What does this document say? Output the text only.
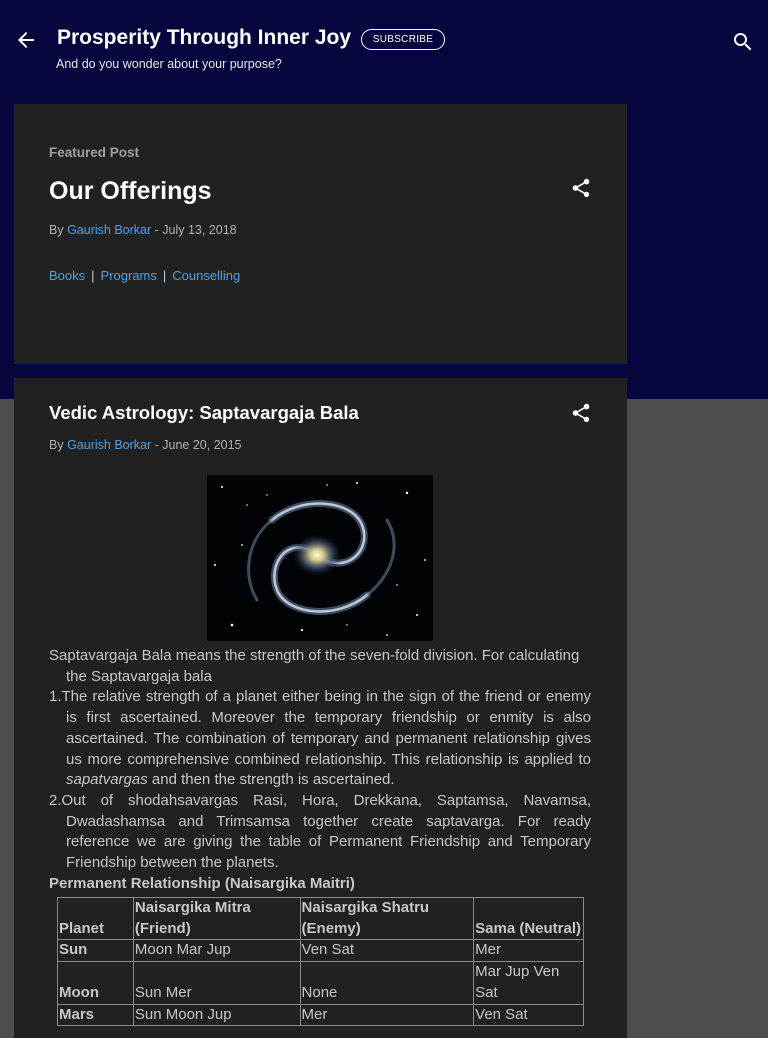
Prosperity Through Inner Joy	SUBSCRIBE
And do you wonder about your purpose?
Featured Post
Our Offerings
By Gaurish Borkar - July 13, 2018
Books | Programs | Counselling
Vedic Astrology: Saptavargaja Bala
By Gaurish Borkar - June 20, 2015

Saptavargaja Bala means the strength of the seven-fold division. For calculating the Saptavargaja bala

1.The relative strength of a planet either being in the sign of the friend or enemy is first ascertained. Moreover the temporary friendship or enmity is also ascertained. The combination of temporary and permanent relationship gives us more comprehensive combined relationship. This relationship is applied to sapatvargas and then the strength is ascertained.

2.Out of shodahsavargas Rasi, Hora, Drekkana, Saptamsa, Navamsa, Dwadashamsa and Trimsamsa together create saptavarga. For ready reference we are giving the table of Permanent Friendship and Temporary Friendship between the planets.

Permanent Relationship (Naisargika Maitri)

Planet	Naisargika Mitra (Friend)	Naisargika Shatru (Enemy)	Sama (Neutral)
Sun	Moon Mar Jup	Ven Sat	Mer
Moon	Sun Mer	None	Mar Jup Ven Sat
Mars	Sun Moon Jup	Mer	Ven Sat
